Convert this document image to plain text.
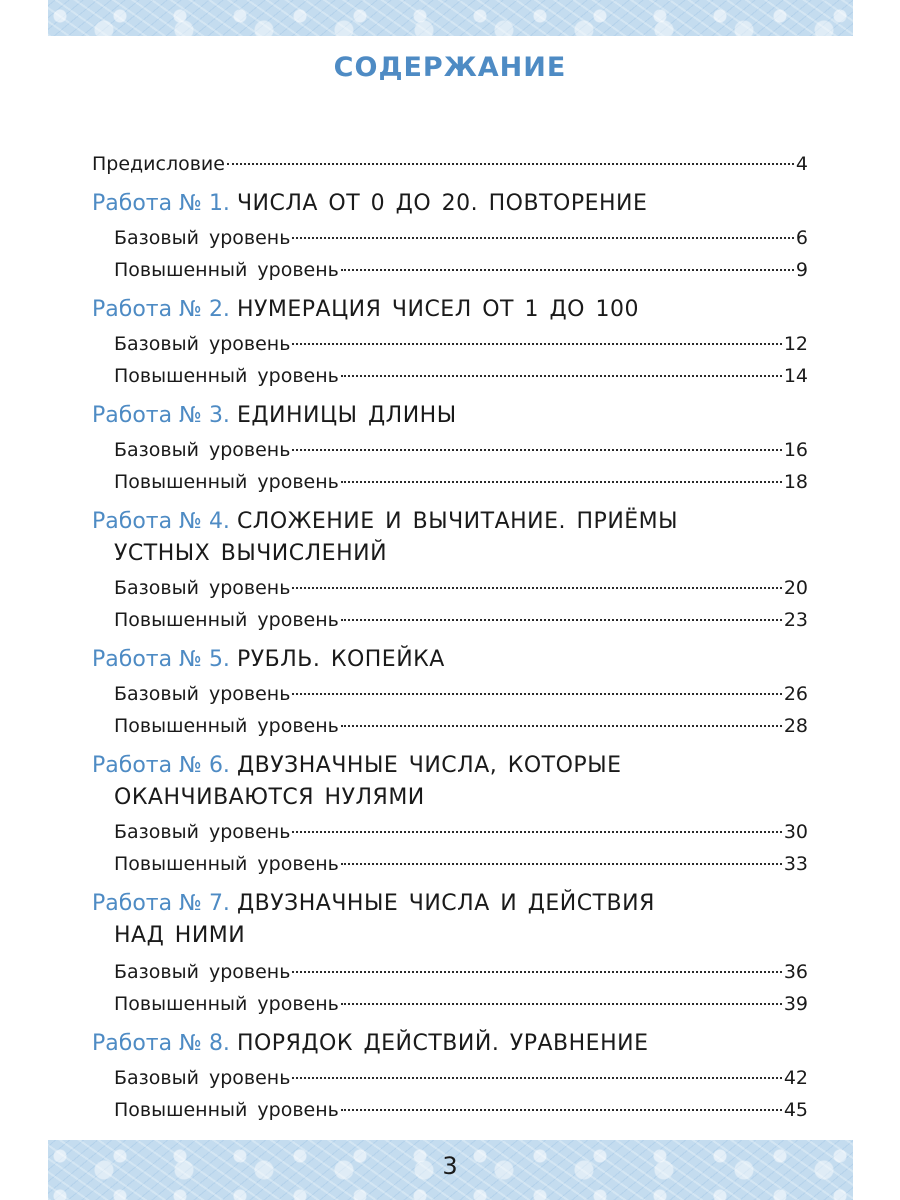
СОДЕРЖАНИЕ
Предисловие	4
Работа № 1. ЧИСЛА ОТ 0 ДО 20. ПОВТОРЕНИЕ
Базовый уровень	6
Повышенный уровень	9
Работа № 2. НУМЕРАЦИЯ ЧИСЕЛ ОТ 1 ДО 100
Базовый уровень	12
Повышенный уровень	14
Работа № 3. ЕДИНИЦЫ ДЛИНЫ
Базовый уровень	16
Повышенный уровень	18
Работа № 4. СЛОЖЕНИЕ И ВЫЧИТАНИЕ. ПРИЁМЫ
УСТНЫХ ВЫЧИСЛЕНИЙ
Базовый уровень	20
Повышенный уровень	23
Работа № 5. РУБЛЬ. КОПЕЙКА
Базовый уровень	26
Повышенный уровень	28
Работа № 6. ДВУЗНАЧНЫЕ ЧИСЛА, КОТОРЫЕ
ОКАНЧИВАЮТСЯ НУЛЯМИ
Базовый уровень	30
Повышенный уровень	33
Работа № 7. ДВУЗНАЧНЫЕ ЧИСЛА И ДЕЙСТВИЯ
НАД НИМИ
Базовый уровень	36
Повышенный уровень	39
Работа № 8. ПОРЯДОК ДЕЙСТВИЙ. УРАВНЕНИЕ
Базовый уровень	42
Повышенный уровень	45
3
